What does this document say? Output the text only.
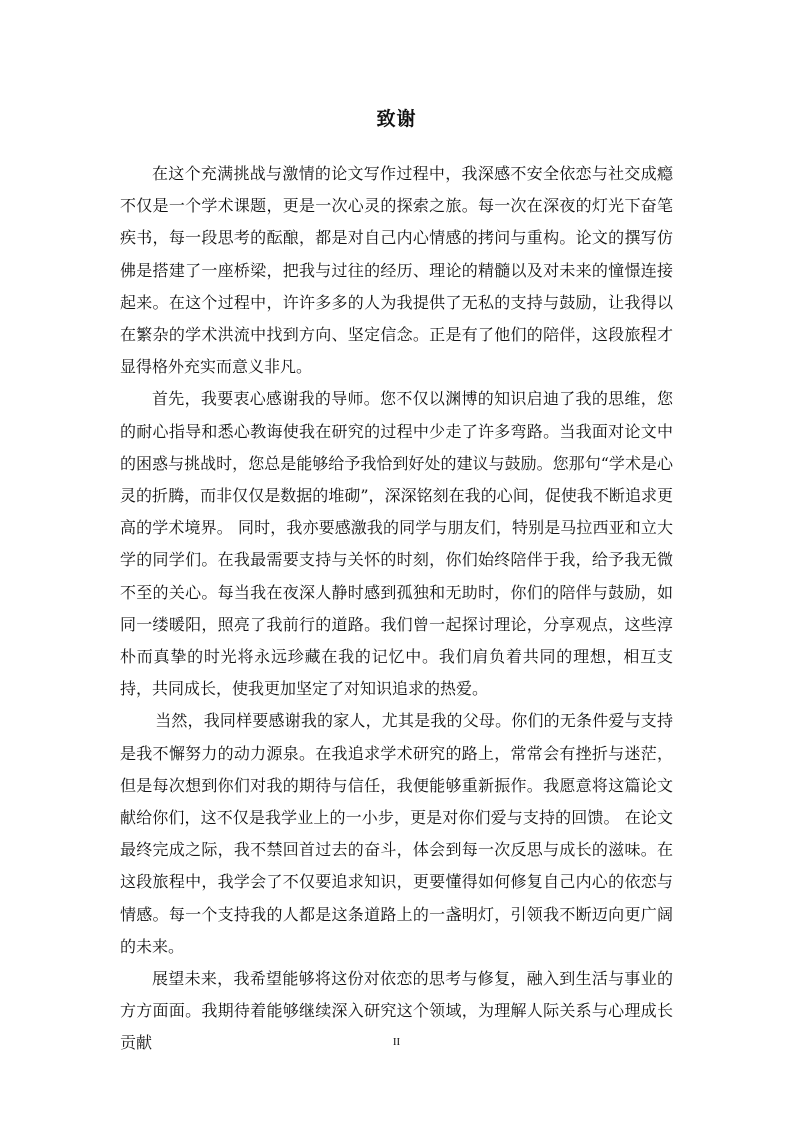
致谢

在这个充满挑战与激情的论文写作过程中，我深感不安全依恋与社交成瘾不仅是一个学术课题，更是一次心灵的探索之旅。每一次在深夜的灯光下奋笔疾书，每一段思考的酝酿，都是对自己内心情感的拷问与重构。论文的撰写仿佛是搭建了一座桥梁，把我与过往的经历、理论的精髓以及对未来的憧憬连接起来。在这个过程中，许许多多的人为我提供了无私的支持与鼓励，让我得以在繁杂的学术洪流中找到方向、坚定信念。正是有了他们的陪伴，这段旅程才显得格外充实而意义非凡。

首先，我要衷心感谢我的导师。您不仅以渊博的知识启迪了我的思维，您的耐心指导和悉心教诲使我在研究的过程中少走了许多弯路。当我面对论文中的困惑与挑战时，您总是能够给予我恰到好处的建议与鼓励。您那句“学术是心灵的折腾，而非仅仅是数据的堆砌”，深深铭刻在我的心间，促使我不断追求更高的学术境界。 同时，我亦要感激我的同学与朋友们，特别是马拉西亚和立大学的同学们。在我最需要支持与关怀的时刻，你们始终陪伴于我，给予我无微不至的关心。每当我在夜深人静时感到孤独和无助时，你们的陪伴与鼓励，如同一缕暖阳，照亮了我前行的道路。我们曾一起探讨理论，分享观点，这些淳朴而真挚的时光将永远珍藏在我的记忆中。我们肩负着共同的理想，相互支持，共同成长，使我更加坚定了对知识追求的热爱。

当然，我同样要感谢我的家人，尤其是我的父母。你们的无条件爱与支持是我不懈努力的动力源泉。在我追求学术研究的路上，常常会有挫折与迷茫，但是每次想到你们对我的期待与信任，我便能够重新振作。我愿意将这篇论文献给你们，这不仅是我学业上的一小步，更是对你们爱与支持的回馈。 在论文最终完成之际，我不禁回首过去的奋斗，体会到每一次反思与成长的滋味。在这段旅程中，我学会了不仅要追求知识，更要懂得如何修复自己内心的依恋与情感。每一个支持我的人都是这条道路上的一盏明灯，引领我不断迈向更广阔的未来。

展望未来，我希望能够将这份对依恋的思考与修复，融入到生活与事业的方方面面。我期待着能够继续深入研究这个领域，为理解人际关系与心理成长贡献	II
